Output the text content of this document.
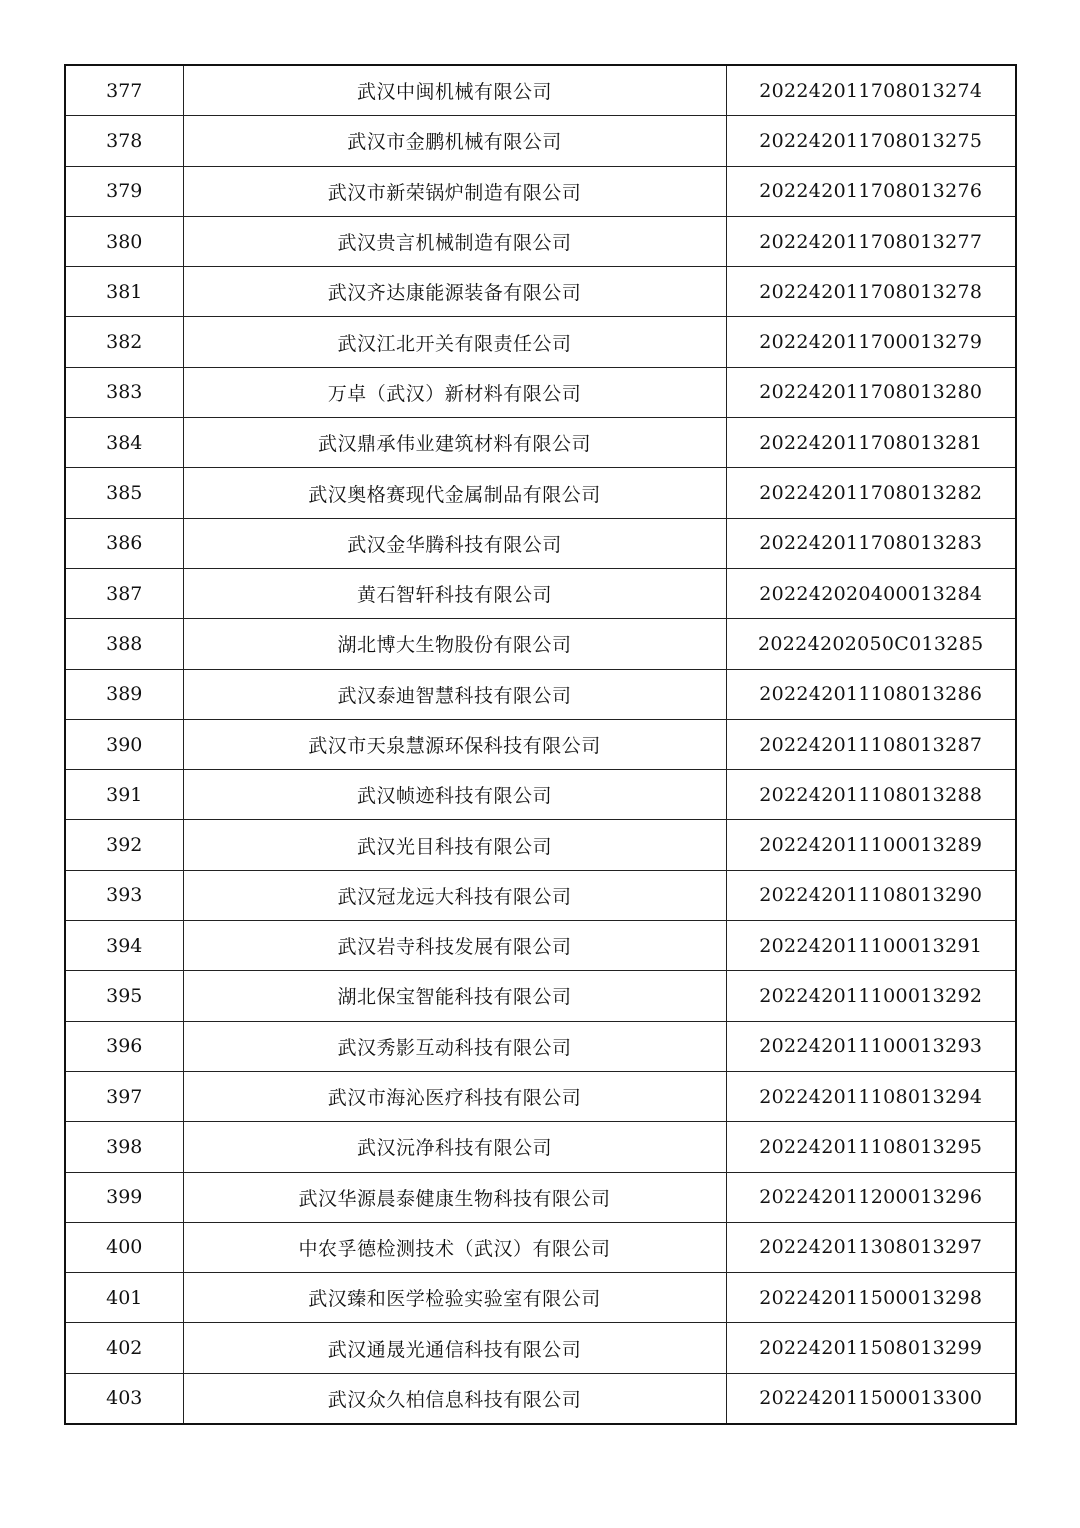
377	武汉中闽机械有限公司	202242011708013274
378	武汉市金鹏机械有限公司	202242011708013275
379	武汉市新荣锅炉制造有限公司	202242011708013276
380	武汉贵言机械制造有限公司	202242011708013277
381	武汉齐达康能源装备有限公司	202242011708013278
382	武汉江北开关有限责任公司	202242011700013279
383	万卓（武汉）新材料有限公司	202242011708013280
384	武汉鼎承伟业建筑材料有限公司	202242011708013281
385	武汉奥格赛现代金属制品有限公司	202242011708013282
386	武汉金华腾科技有限公司	202242011708013283
387	黄石智轩科技有限公司	202242020400013284
388	湖北博大生物股份有限公司	20224202050C013285
389	武汉泰迪智慧科技有限公司	202242011108013286
390	武汉市天泉慧源环保科技有限公司	202242011108013287
391	武汉帧迹科技有限公司	202242011108013288
392	武汉光目科技有限公司	202242011100013289
393	武汉冠龙远大科技有限公司	202242011108013290
394	武汉岩寺科技发展有限公司	202242011100013291
395	湖北保宝智能科技有限公司	202242011100013292
396	武汉秀影互动科技有限公司	202242011100013293
397	武汉市海沁医疗科技有限公司	202242011108013294
398	武汉沅净科技有限公司	202242011108013295
399	武汉华源晨泰健康生物科技有限公司	202242011200013296
400	中农孚德检测技术（武汉）有限公司	202242011308013297
401	武汉臻和医学检验实验室有限公司	202242011500013298
402	武汉通晟光通信科技有限公司	202242011508013299
403	武汉众久柏信息科技有限公司	202242011500013300
